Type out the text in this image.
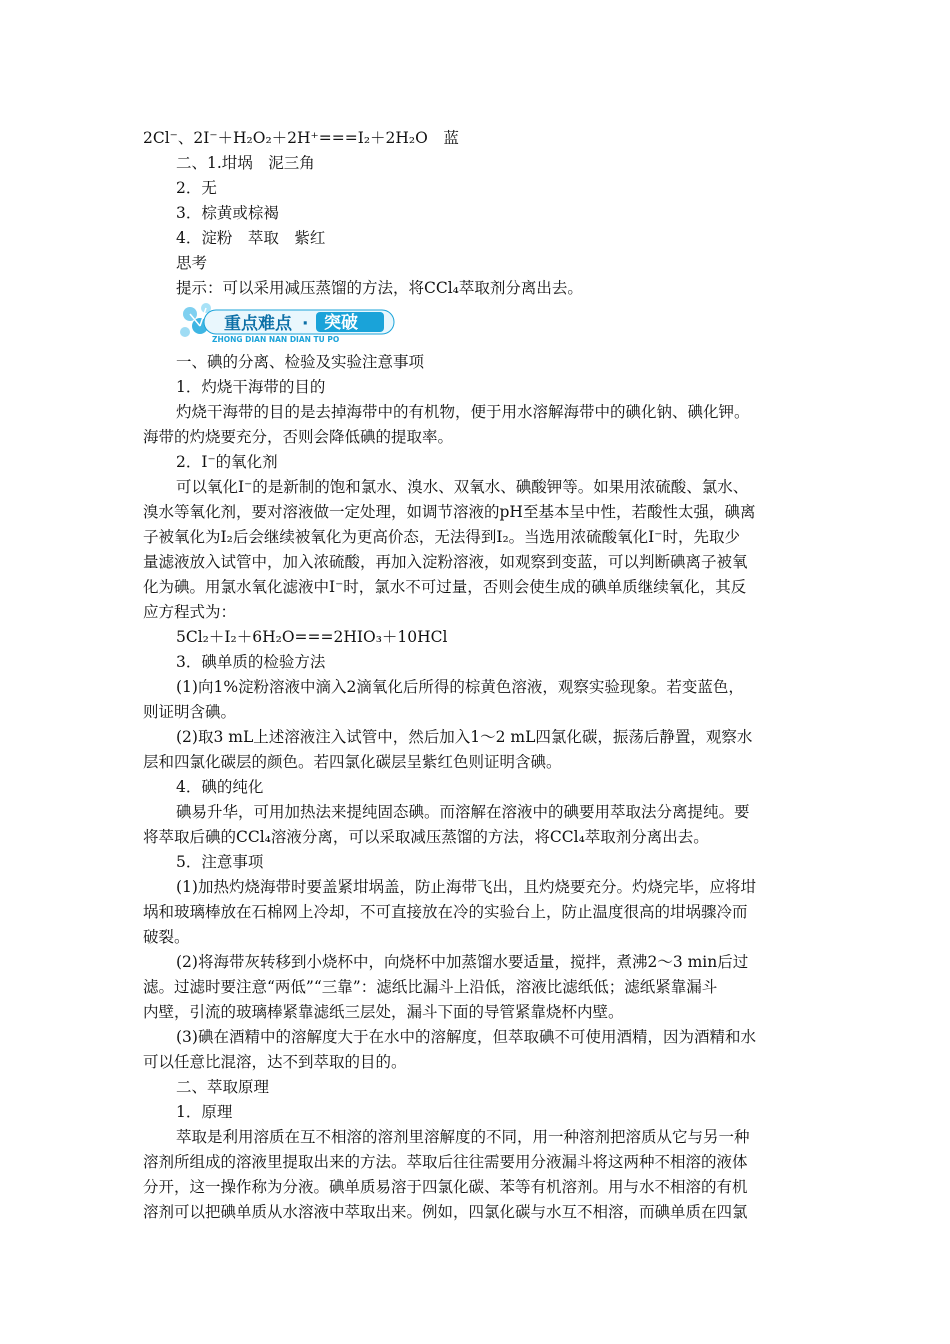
2Cl⁻、2I⁻＋H₂O₂＋2H⁺===I₂＋2H₂O　蓝
二、1.坩埚　泥三角
2．无
3．棕黄或棕褐
4．淀粉　萃取　紫红
思考
提示：可以采用减压蒸馏的方法，将CCl₄萃取剂分离出去。
重点难点 · 突破
ZHONG DIAN NAN DIAN TU PO
一、碘的分离、检验及实验注意事项
1．灼烧干海带的目的
灼烧干海带的目的是去掉海带中的有机物，便于用水溶解海带中的碘化钠、碘化钾。
海带的灼烧要充分，否则会降低碘的提取率。
2．I⁻的氧化剂
可以氧化I⁻的是新制的饱和氯水、溴水、双氧水、碘酸钾等。如果用浓硫酸、氯水、
溴水等氧化剂，要对溶液做一定处理，如调节溶液的pH至基本呈中性，若酸性太强，碘离
子被氧化为I₂后会继续被氧化为更高价态，无法得到I₂。当选用浓硫酸氧化I⁻时，先取少
量滤液放入试管中，加入浓硫酸，再加入淀粉溶液，如观察到变蓝，可以判断碘离子被氧
化为碘。用氯水氧化滤液中I⁻时，氯水不可过量，否则会使生成的碘单质继续氧化，其反
应方程式为：
5Cl₂＋I₂＋6H₂O===2HIO₃＋10HCl
3．碘单质的检验方法
(1)向1%淀粉溶液中滴入2滴氧化后所得的棕黄色溶液，观察实验现象。若变蓝色，
则证明含碘。
(2)取3 mL上述溶液注入试管中，然后加入1～2 mL四氯化碳，振荡后静置，观察水
层和四氯化碳层的颜色。若四氯化碳层呈紫红色则证明含碘。
4．碘的纯化
碘易升华，可用加热法来提纯固态碘。而溶解在溶液中的碘要用萃取法分离提纯。要
将萃取后碘的CCl₄溶液分离，可以采取减压蒸馏的方法，将CCl₄萃取剂分离出去。
5．注意事项
(1)加热灼烧海带时要盖紧坩埚盖，防止海带飞出，且灼烧要充分。灼烧完毕，应将坩
埚和玻璃棒放在石棉网上冷却，不可直接放在冷的实验台上，防止温度很高的坩埚骤冷而
破裂。
(2)将海带灰转移到小烧杯中，向烧杯中加蒸馏水要适量，搅拌，煮沸2～3 min后过
滤。过滤时要注意“两低”“三靠”：滤纸比漏斗上沿低，溶液比滤纸低；滤纸紧靠漏斗
内壁，引流的玻璃棒紧靠滤纸三层处，漏斗下面的导管紧靠烧杯内壁。
(3)碘在酒精中的溶解度大于在水中的溶解度，但萃取碘不可使用酒精，因为酒精和水
可以任意比混溶，达不到萃取的目的。
二、萃取原理
1．原理
萃取是利用溶质在互不相溶的溶剂里溶解度的不同，用一种溶剂把溶质从它与另一种
溶剂所组成的溶液里提取出来的方法。萃取后往往需要用分液漏斗将这两种不相溶的液体
分开，这一操作称为分液。碘单质易溶于四氯化碳、苯等有机溶剂。用与水不相溶的有机
溶剂可以把碘单质从水溶液中萃取出来。例如，四氯化碳与水互不相溶，而碘单质在四氯
